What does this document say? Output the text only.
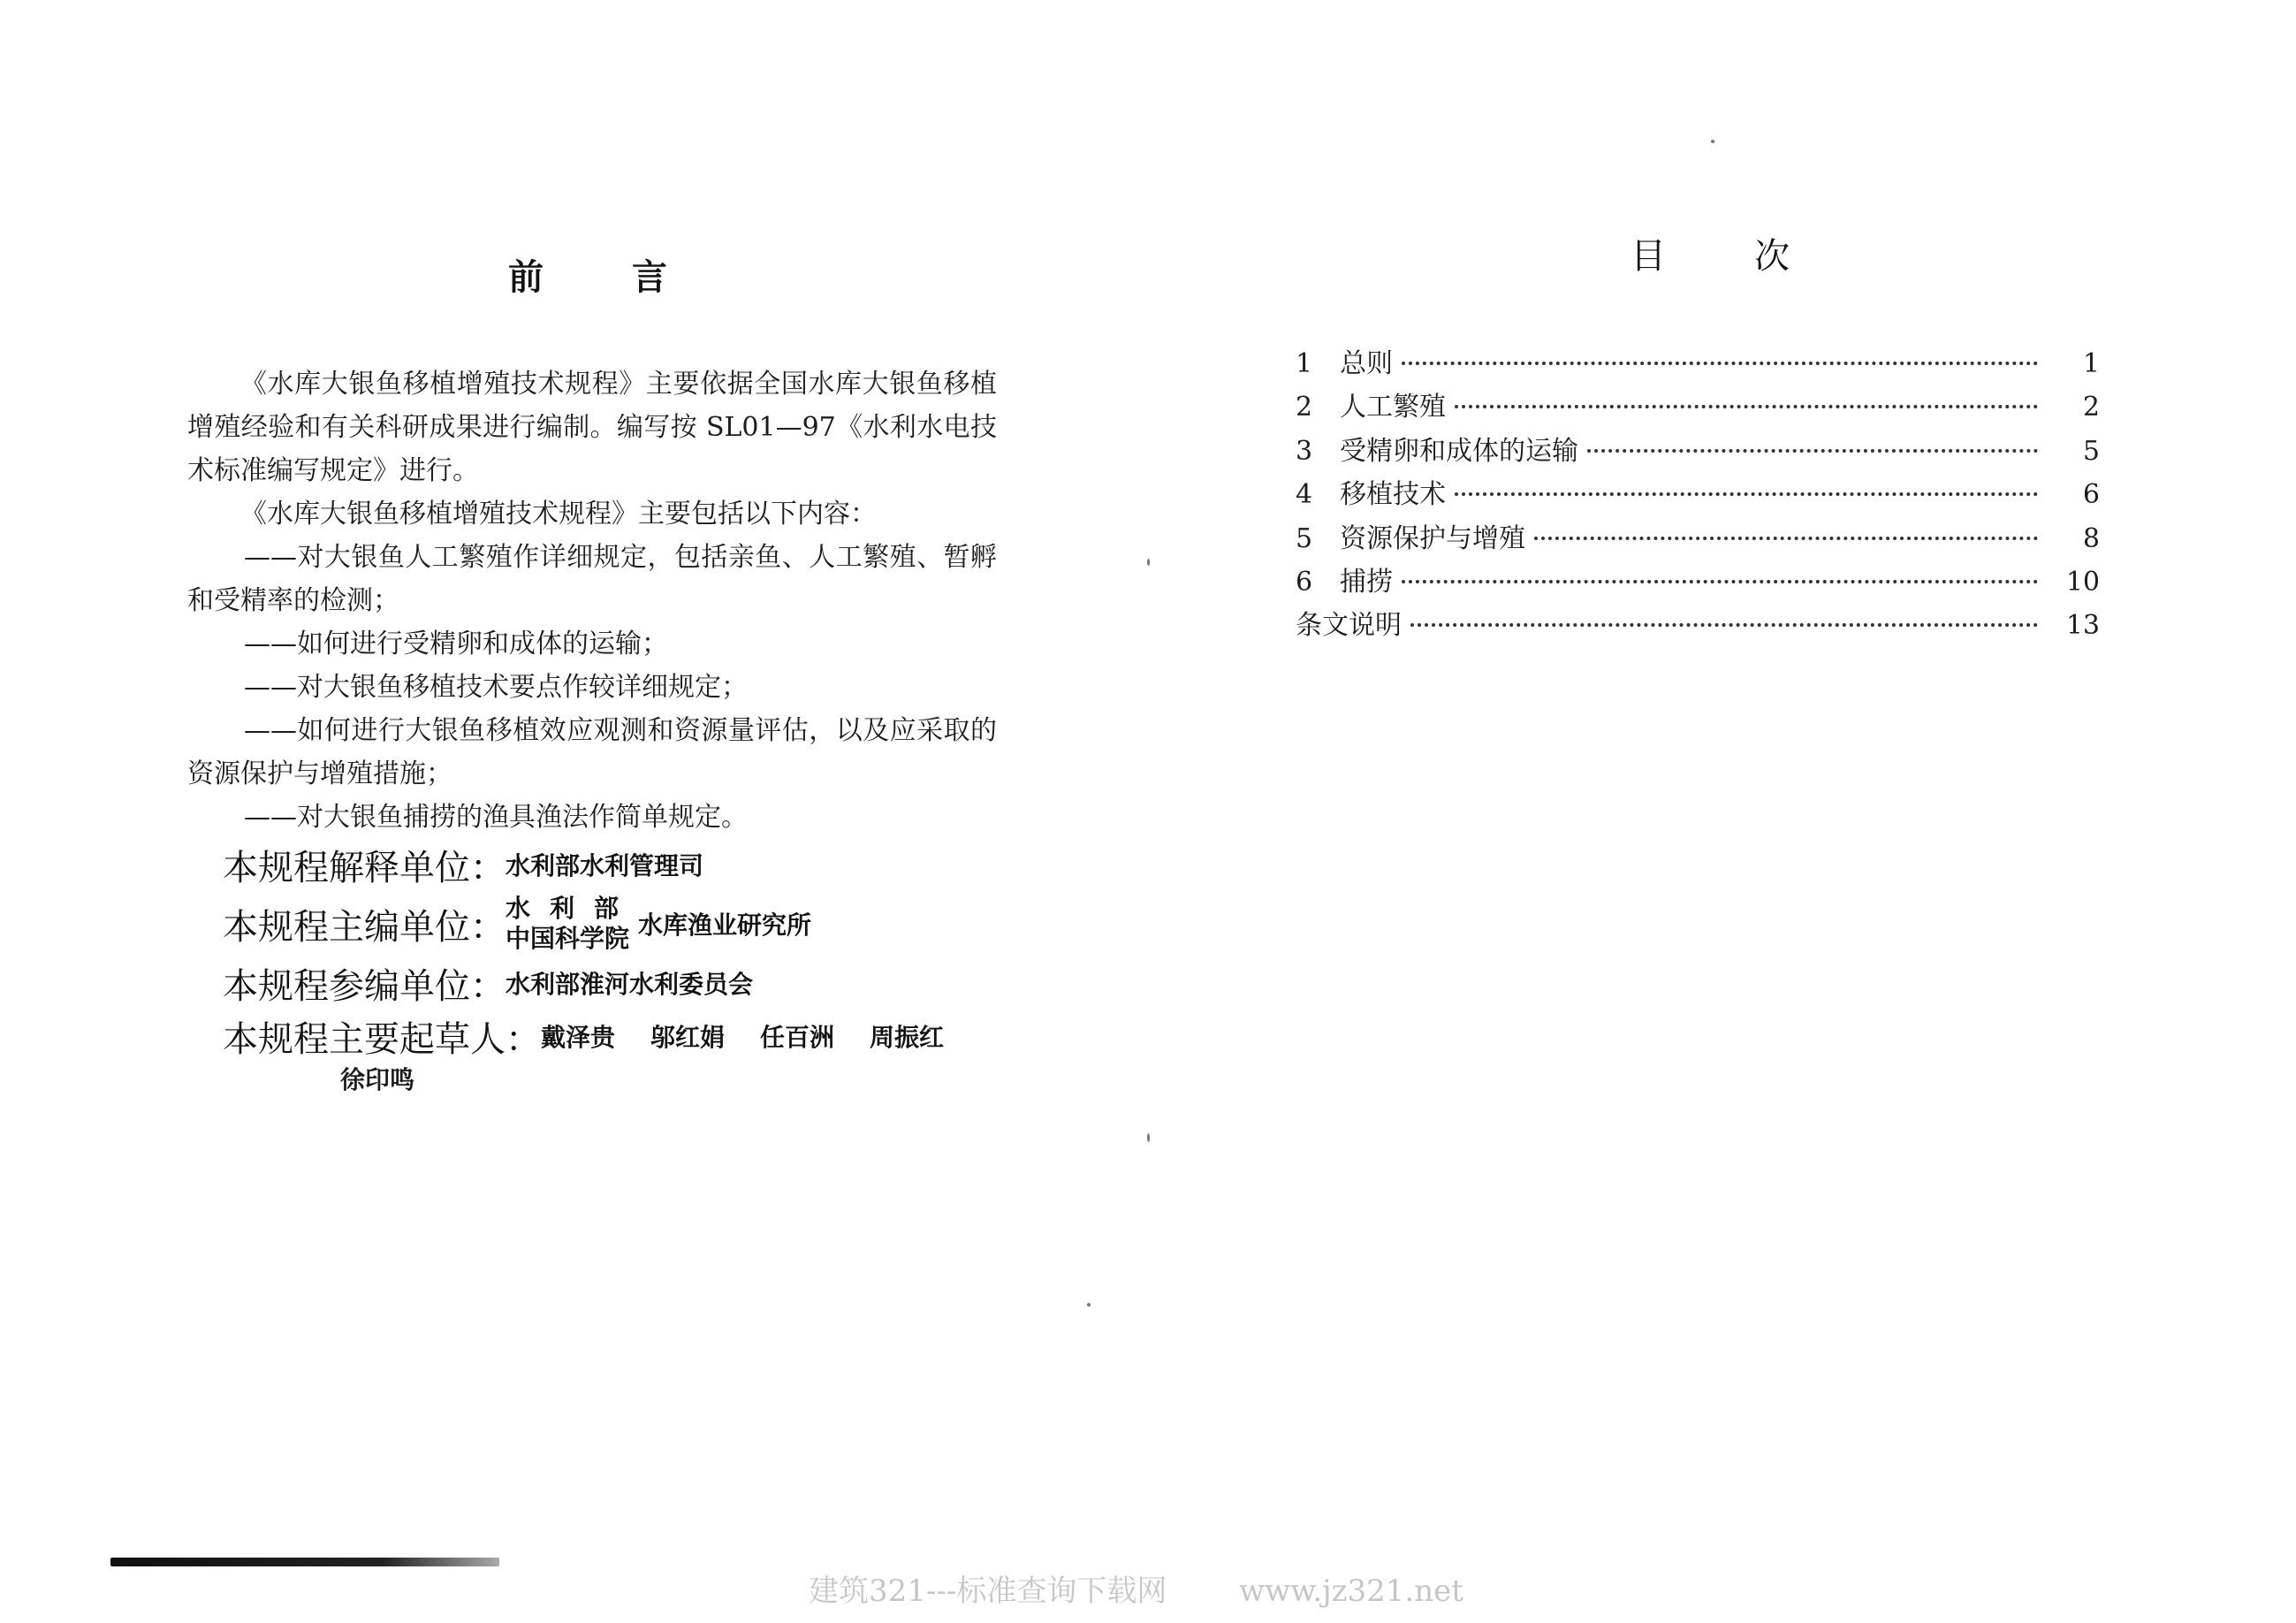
前言

《水库大银鱼移植增殖技术规程》主要依据全国水库大银鱼移植增殖经验和有关科研成果进行编制。编写按 SL01—97《水利水电技术标准编写规定》进行。

《水库大银鱼移植增殖技术规程》主要包括以下内容：

——对大银鱼人工繁殖作详细规定，包括亲鱼、人工繁殖、暂孵和受精率的检测；

——如何进行受精卵和成体的运输；

——对大银鱼移植技术要点作较详细规定；

——如何进行大银鱼移植效应观测和资源量评估，以及应采取的资源保护与增殖措施；

——对大银鱼捕捞的渔具渔法作简单规定。

本规程解释单位： 水利部水利管理司
本规程主编单位： 水利部
中国科学院 水库渔业研究所
本规程参编单位： 水利部淮河水利委员会
本规程主要起草人： 戴泽贵 邬红娟 任百洲 周振红
徐印鸣
目次
1	总则	1
2	人工繁殖	2
3	受精卵和成体的运输	5
4	移植技术	6
5	资源保护与增殖	8
6	捕捞	10
条文说明	13
建筑321---标准查询下载网 www.jz321.net
